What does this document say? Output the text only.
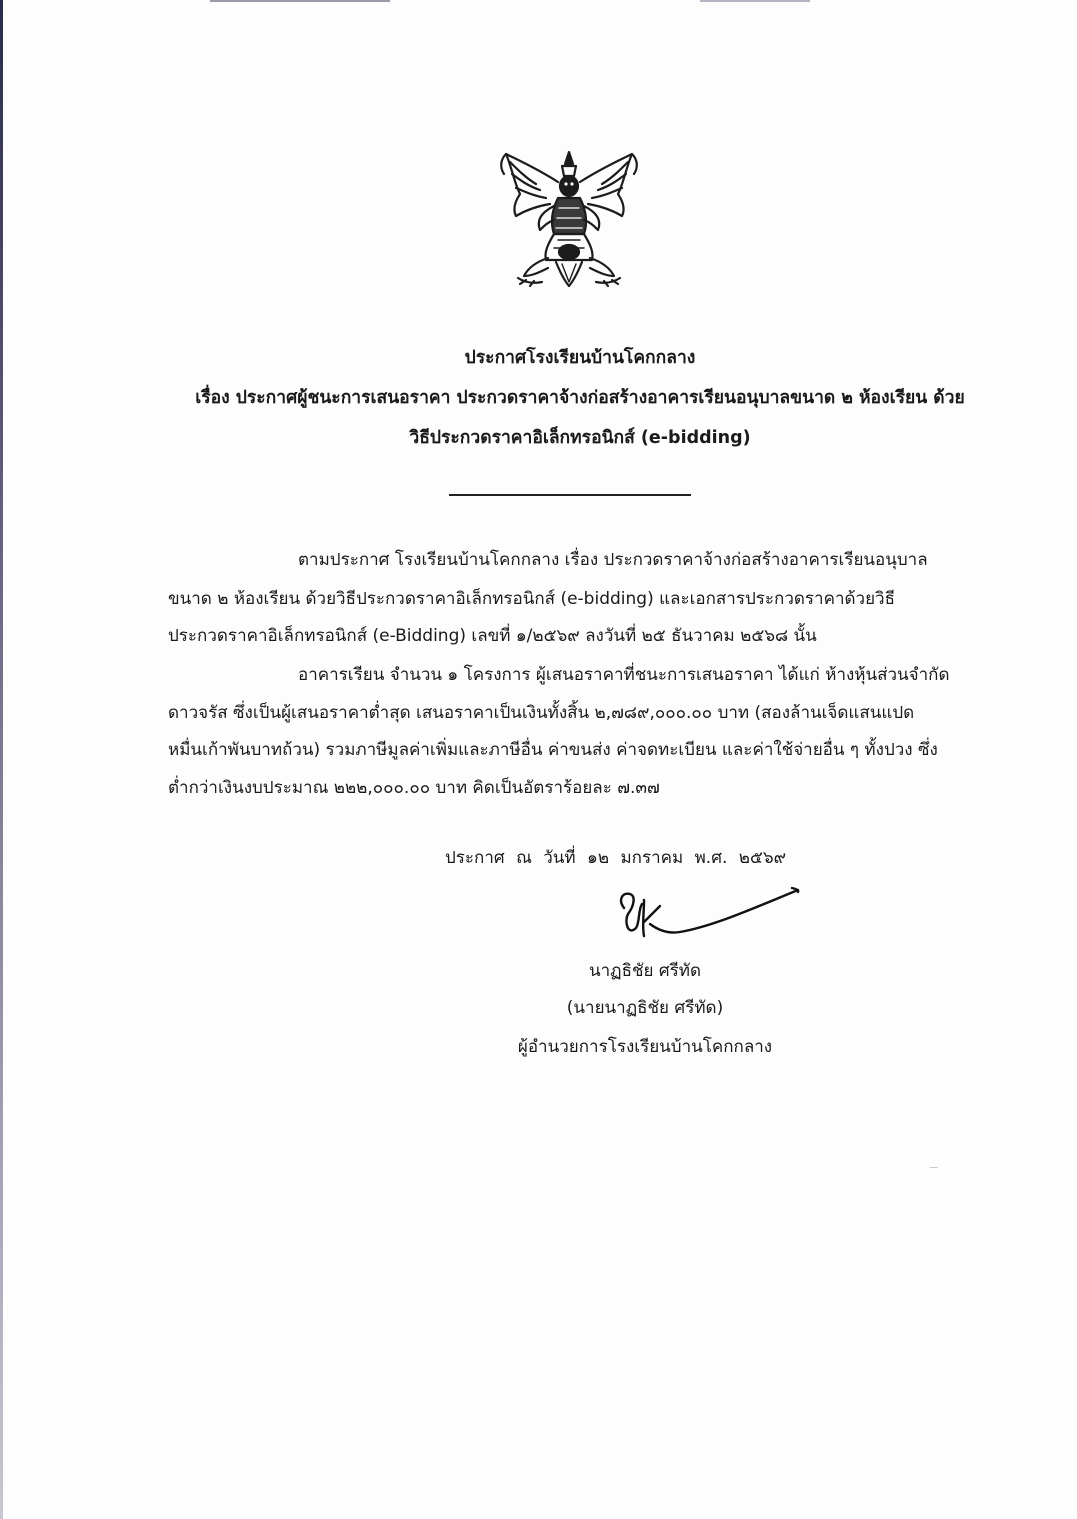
ประกาศโรงเรียนบ้านโคกกลาง
เรื่อง ประกาศผู้ชนะการเสนอราคา ประกวดราคาจ้างก่อสร้างอาคารเรียนอนุบาลขนาด ๒ ห้องเรียน ด้วย
วิธีประกวดราคาอิเล็กทรอนิกส์ (e-bidding)
ตามประกาศ โรงเรียนบ้านโคกกลาง เรื่อง ประกวดราคาจ้างก่อสร้างอาคารเรียนอนุบาล
ขนาด ๒ ห้องเรียน ด้วยวิธีประกวดราคาอิเล็กทรอนิกส์ (e-bidding) และเอกสารประกวดราคาด้วยวิธี
ประกวดราคาอิเล็กทรอนิกส์ (e-Bidding) เลขที่ ๑/๒๕๖๙ ลงวันที่ ๒๕ ธันวาคม ๒๕๖๘ นั้น
อาคารเรียน จำนวน ๑ โครงการ ผู้เสนอราคาที่ชนะการเสนอราคา ได้แก่ ห้างหุ้นส่วนจำกัด
ดาวจรัส ซึ่งเป็นผู้เสนอราคาต่ำสุด เสนอราคาเป็นเงินทั้งสิ้น ๒,๗๘๙,๐๐๐.๐๐ บาท (สองล้านเจ็ดแสนแปด
หมื่นเก้าพันบาทถ้วน) รวมภาษีมูลค่าเพิ่มและภาษีอื่น ค่าขนส่ง ค่าจดทะเบียน และค่าใช้จ่ายอื่น ๆ ทั้งปวง ซึ่ง
ต่ำกว่าเงินงบประมาณ ๒๒๒,๐๐๐.๐๐ บาท คิดเป็นอัตราร้อยละ ๗.๓๗
ประกาศ ณ วันที่ ๑๒ มกราคม พ.ศ. ๒๕๖๙
นาฏธิชัย ศรีทัด
(นายนาฏธิชัย ศรีทัด)
ผู้อำนวยการโรงเรียนบ้านโคกกลาง
